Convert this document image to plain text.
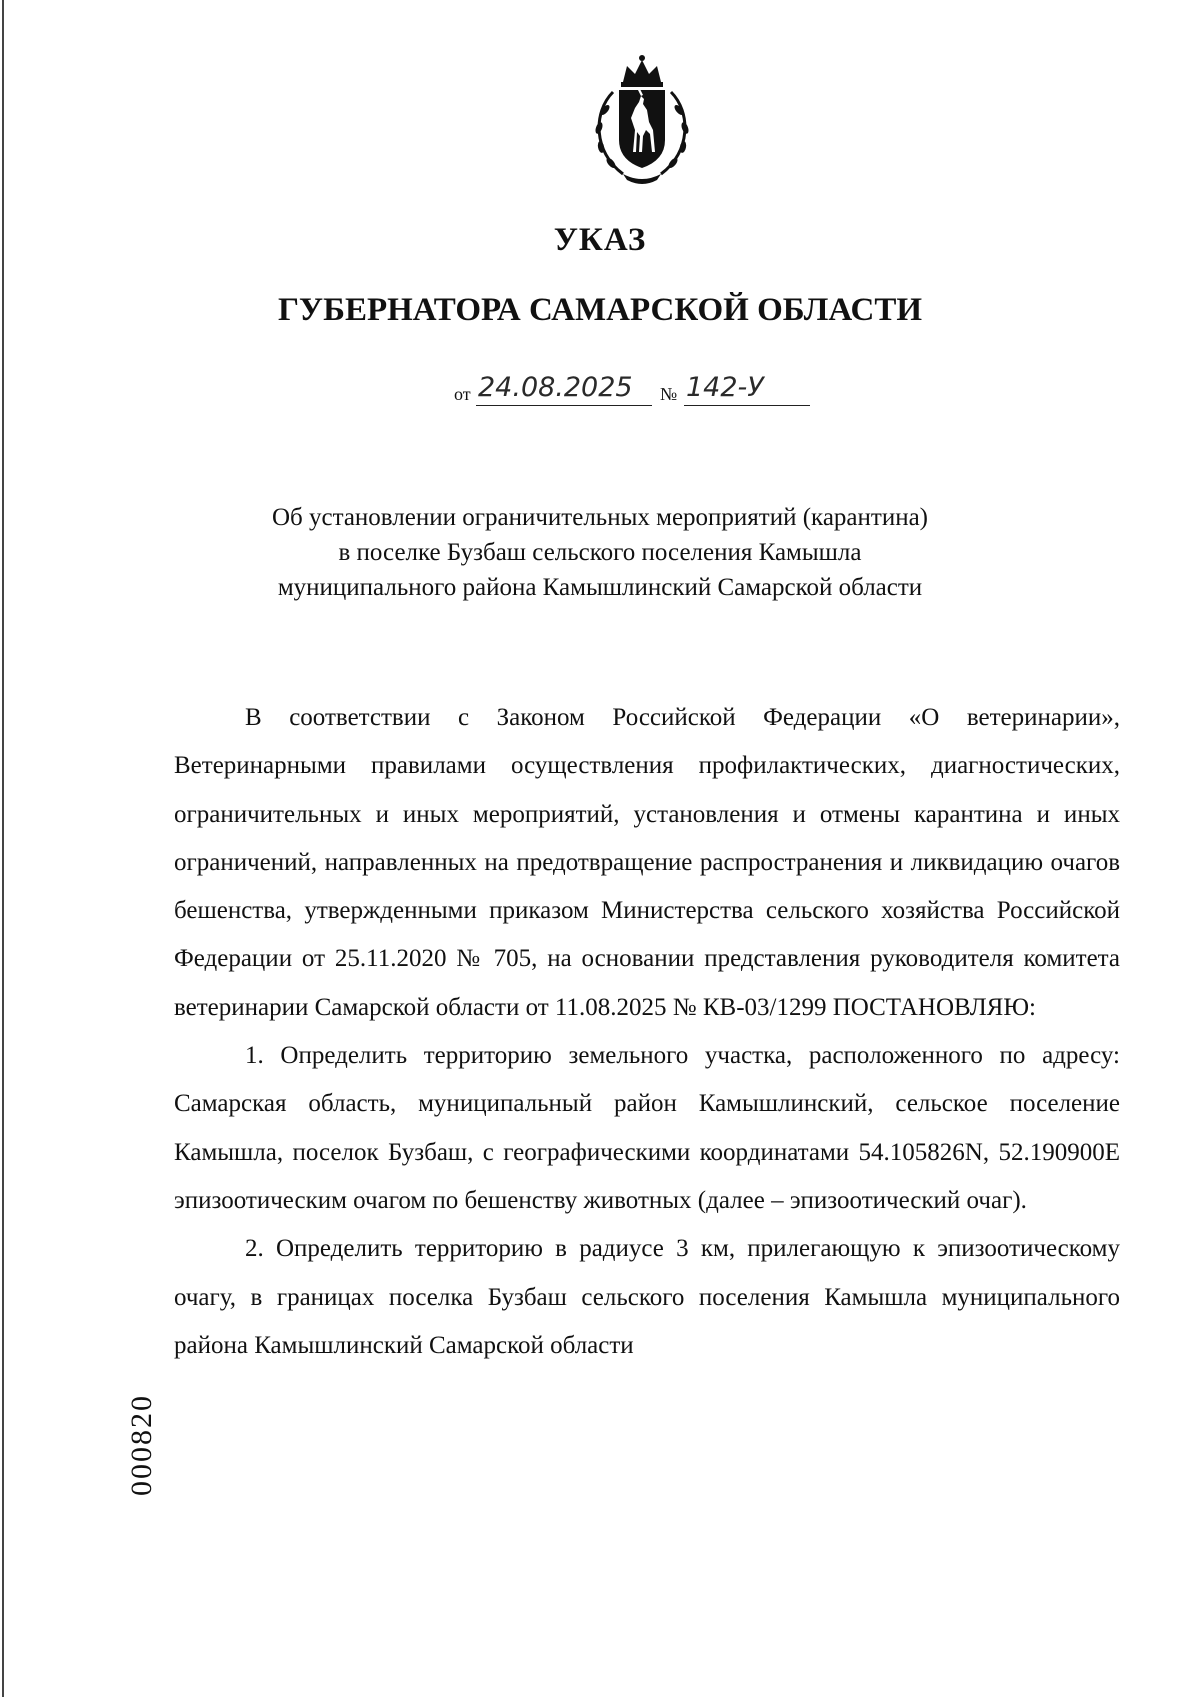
УКАЗ
ГУБЕРНАТОРА САМАРСКОЙ ОБЛАСТИ
от 24.08.2025	№ 142-У
Об установлении ограничительных мероприятий (карантина)
в поселке Бузбаш сельского поселения Камышла
муниципального района Камышлинский Самарской области

В соответствии с Законом Российской Федерации «О ветеринарии», Ветеринарными правилами осуществления профилактических, диагностических, ограничительных и иных мероприятий, установления и отмены карантина и иных ограничений, направленных на предотвращение распространения и ликвидацию очагов бешенства, утвержденными приказом Министерства сельского хозяйства Российской Федерации от 25.11.2020 № 705, на основании представления руководителя комитета ветеринарии Самарской области от 11.08.2025 № КВ-03/1299 ПОСТАНОВЛЯЮ:

1. Определить территорию земельного участка, расположенного по адресу: Самарская область, муниципальный район Камышлинский, сельское поселение Камышла, поселок Бузбаш, с географическими координатами 54.105826N, 52.190900E эпизоотическим очагом по бешенству животных (далее – эпизоотический очаг).

2. Определить территорию в радиусе 3 км, прилегающую к эпизоотическому очагу, в границах поселка Бузбаш сельского поселения Камышла муниципального района Камышлинский Самарской области

000820
